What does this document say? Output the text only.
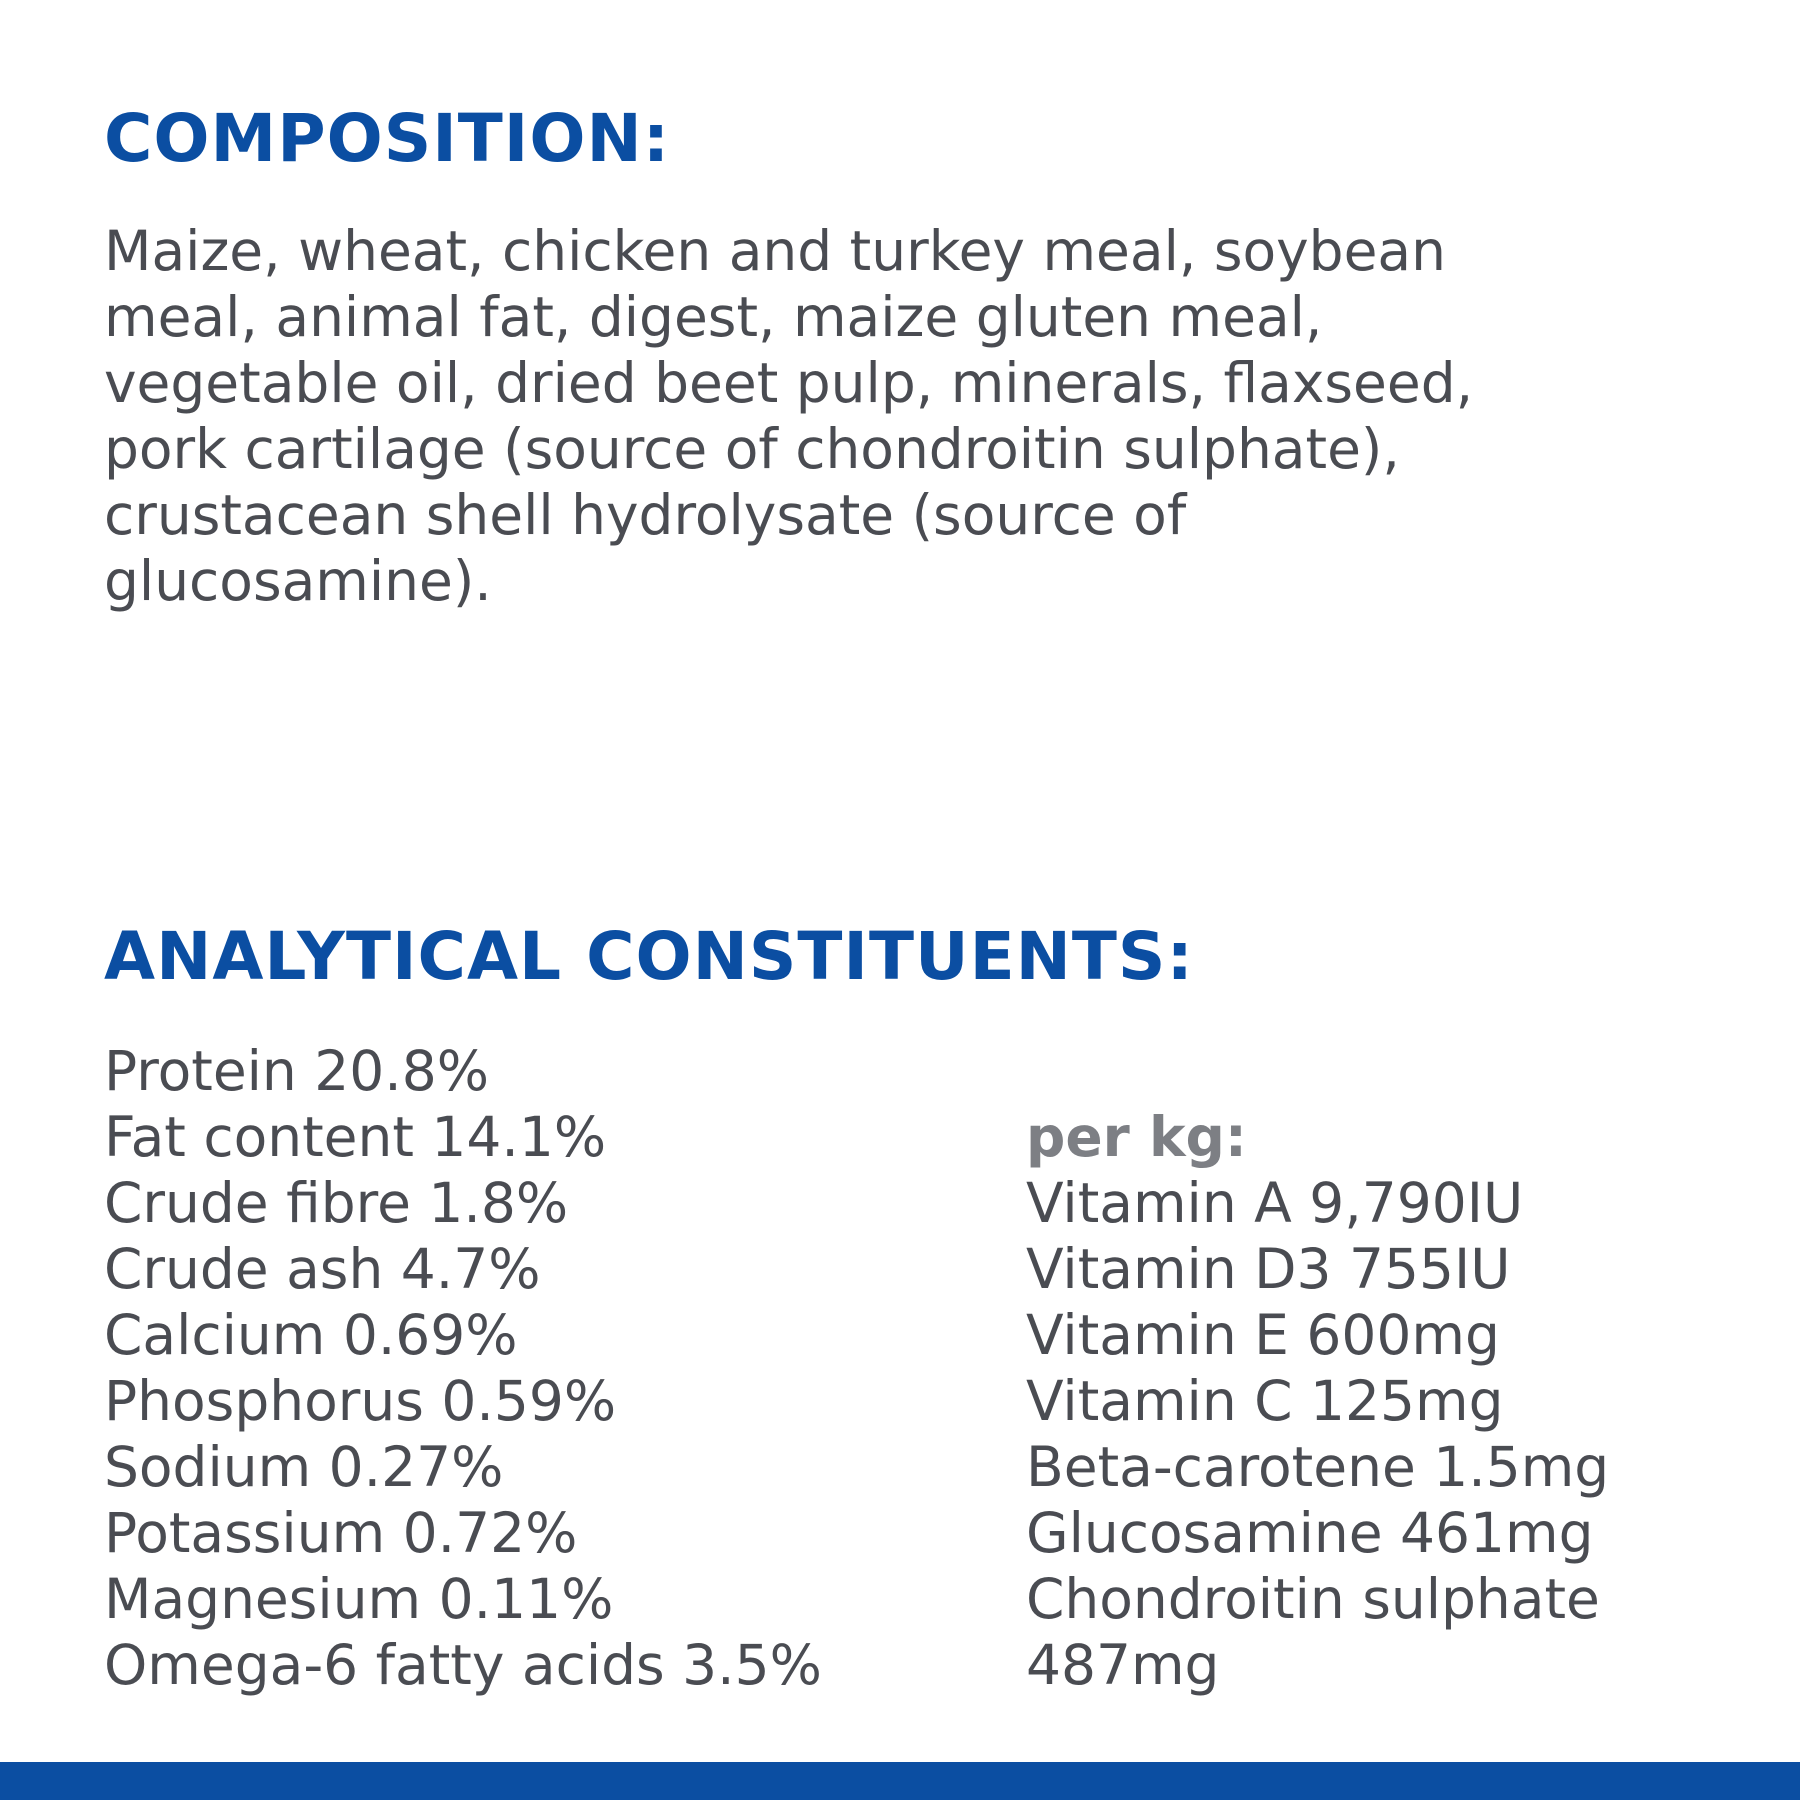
COMPOSITION:

Maize, wheat, chicken and turkey meal, soybean
meal, animal fat, digest, maize gluten meal,
vegetable oil, dried beet pulp, minerals, flaxseed,
pork cartilage (source of chondroitin sulphate),
crustacean shell hydrolysate (source of
glucosamine).

ANALYTICAL CONSTITUENTS:
Protein 20.8%
Fat content 14.1%
Crude fibre 1.8%
Crude ash 4.7%
Calcium 0.69%
Phosphorus 0.59%
Sodium 0.27%
Potassium 0.72%
Magnesium 0.11%
Omega-6 fatty acids 3.5%

per kg:

Vitamin A 9,790IU
Vitamin D3 755IU
Vitamin E 600mg
Vitamin C 125mg
Beta-carotene 1.5mg
Glucosamine 461mg
Chondroitin sulphate
487mg
